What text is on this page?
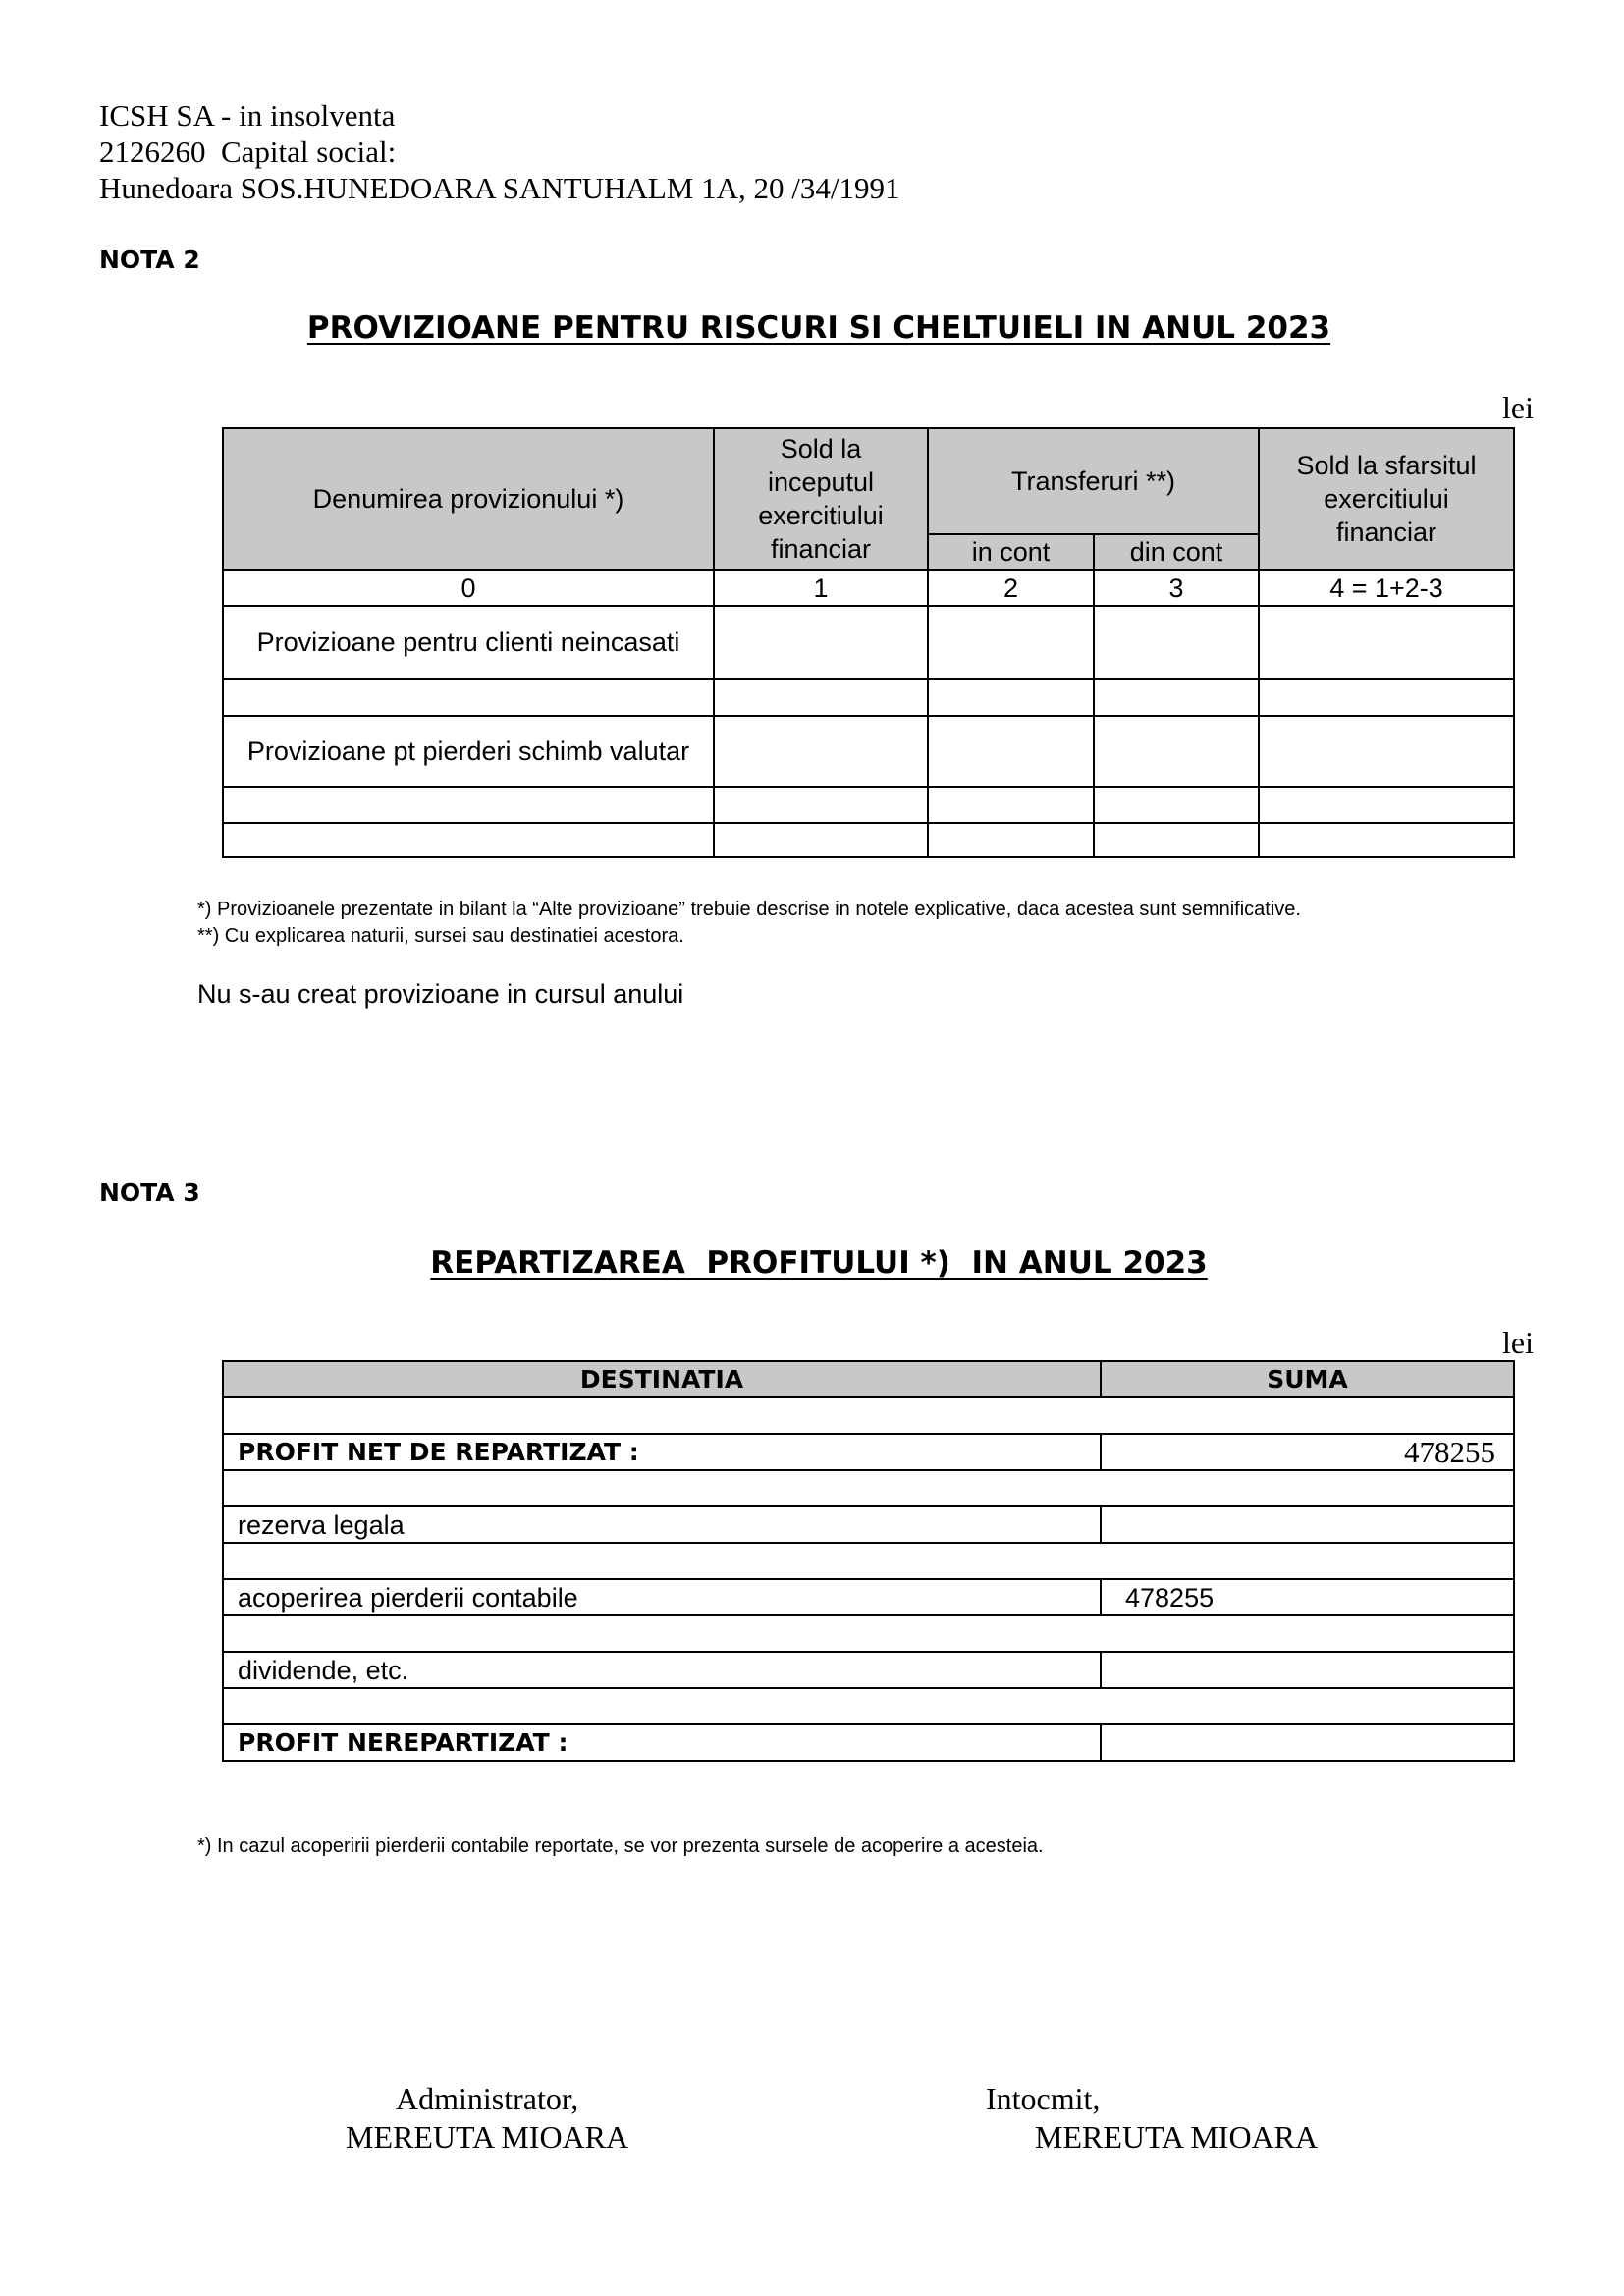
ICSH SA - in insolventa
2126260  Capital social:
Hunedoara SOS.HUNEDOARA SANTUHALM 1A, 20 /34/1991
NOTA 2
PROVIZIOANE PENTRU RISCURI SI CHELTUIELI IN ANUL 2023
lei
Denumirea provizionului *)	Sold la inceputul exercitiului financiar	Transferuri **)		Sold la sfarsitul exercitiului financiar
		in cont	din cont	
0	1	2	3	4 = 1+2-3
Provizioane pentru clienti neincasati				

Provizioane pt pierderi schimb valutar				

*) Provizioanele prezentate in bilant la “Alte provizioane” trebuie descrise in notele explicative, daca acestea sunt semnificative.
**) Cu explicarea naturii, sursei sau destinatiei acestora.
Nu s-au creat provizioane in cursul anului
NOTA 3
REPARTIZAREA  PROFITULUI *)  IN ANUL 2023
lei
DESTINATIA	SUMA

PROFIT NET DE REPARTIZAT :	478255

rezerva legala	

acoperirea pierderii contabile	478255

dividende, etc.	

PROFIT NEREPARTIZAT :	
*) In cazul acoperirii pierderii contabile reportate, se vor prezenta sursele de acoperire a acesteia.
Administrator,
MEREUTA MIOARA
Intocmit,
MEREUTA MIOARA
